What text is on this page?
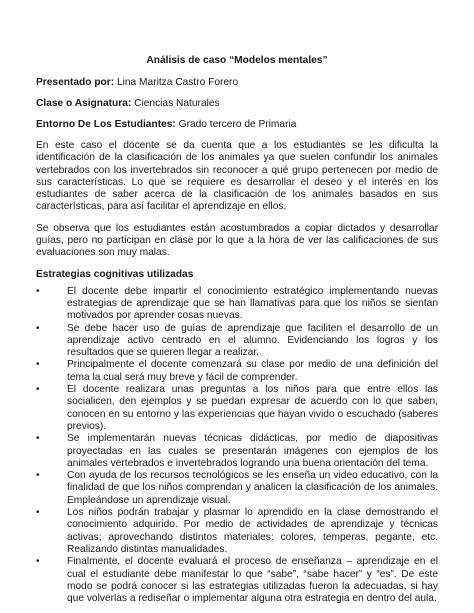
Análisis de caso “Modelos mentales”
Presentado por: Lina Maritza Castro Forero
Clase o Asignatura: Ciencias Naturales
Entorno De Los Estudiantes: Grado tercero de Primaria

En este caso el docente se da cuenta que a los estudiantes se les dificulta la identificación de la clasificación de los animales ya que suelen confundir los animales vertebrados con los invertebrados sin reconocer a qué grupo pertenecen por medio de sus características. Lo que se requiere es desarrollar el deseo y el interés en los estudiantes de saber acerca de la clasificación de los animales basados en sus características, para así facilitar el aprendizaje en ellos.

Se observa que los estudiantes están acostumbrados a copiar dictados y desarrollar guías, pero no participan en clase por lo que a la hora de ver las calificaciones de sus evaluaciones son muy malas.

Estrategias cognitivas utilizadas
•	El docente debe impartir el conocimiento estratégico implementando nuevas estrategias de aprendizaje que se han llamativas para que los niños se sientan motivados por aprender cosas nuevas.
•	Se debe hacer uso de guías de aprendizaje que faciliten el desarrollo de un aprendizaje activo centrado en el alumno. Evidenciando los logros y los resultados que se quieren llegar a realizar.
•	Principalmente el docente comenzará su clase por medio de una definición del tema la cual será muy breve y fácil de comprender.
•	El docente realizara unas preguntas a los niños para que entre ellos las socialicen, den ejemplos y se puedan expresar de acuerdo con lo que saben, conocen en su entorno y las experiencias que hayan vivido o escuchado (saberes previos).
•	Se implementarán nuevas técnicas didácticas, por medio de diapositivas proyectadas en las cuales se presentarán imágenes con ejemplos de los animales vertebrados e invertebrados logrando una buena orientación del tema.
•	Con ayuda de los recursos tecnológicos se les enseña un video educativo, con la finalidad de que los niños comprendan y analicen la clasificación de los animales. Empleándose un aprendizaje visual.
•	Los niños podrán trabajar y plasmar lo aprendido en la clase demostrando el conocimiento adquirido. Por medio de actividades de aprendizaje y técnicas activas; aprovechando distintos materiales: colores, temperas, pegante, etc. Realizando distintas manualidades.
•	Finalmente, el docente evaluará el proceso de enseñanza – aprendizaje en el cual el estudiante debe manifestar lo que “sabe”, “sabe hacer” y “es”. De este modo se podrá conocer si las estrategias utilizadas fueron la adecuadas, si hay que volverlas a rediseñar o implementar alguna otra estrategia en dentro del aula.
